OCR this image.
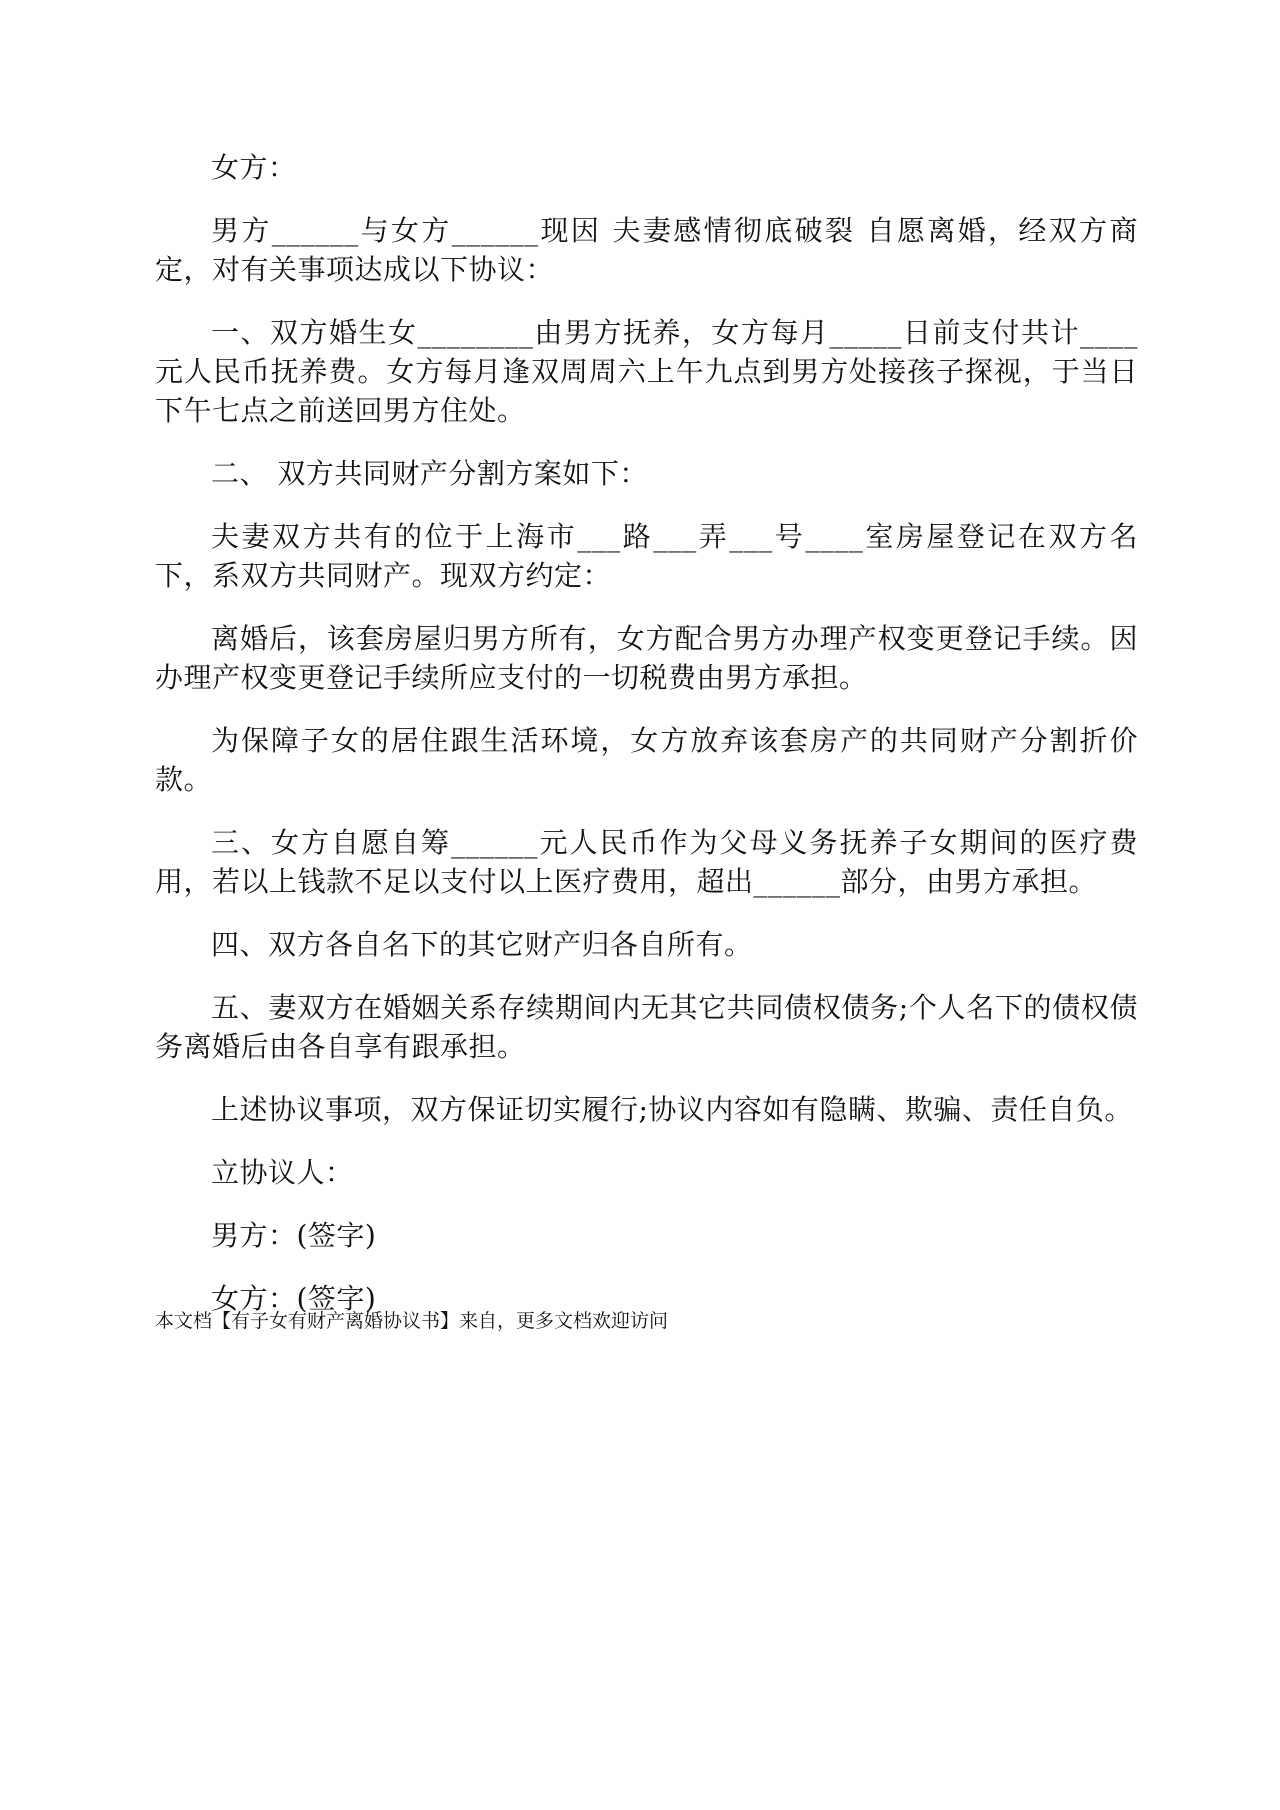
女方：

男方______与女方______现因 夫妻感情彻底破裂 自愿离婚，经双方商定，对有关事项达成以下协议：

一、双方婚生女________由男方抚养，女方每月_____日前支付共计____元人民币抚养费。女方每月逢双周周六上午九点到男方处接孩子探视，于当日下午七点之前送回男方住处。

二、 双方共同财产分割方案如下：

夫妻双方共有的位于上海市___路___弄___号____室房屋登记在双方名下，系双方共同财产。现双方约定：

离婚后，该套房屋归男方所有，女方配合男方办理产权变更登记手续。因办理产权变更登记手续所应支付的一切税费由男方承担。

为保障子女的居住跟生活环境，女方放弃该套房产的共同财产分割折价款。

三、女方自愿自筹______元人民币作为父母义务抚养子女期间的医疗费用，若以上钱款不足以支付以上医疗费用，超出______部分，由男方承担。

四、双方各自名下的其它财产归各自所有。

五、妻双方在婚姻关系存续期间内无其它共同债权债务;个人名下的债权债务离婚后由各自享有跟承担。

上述协议事项，双方保证切实履行;协议内容如有隐瞒、欺骗、责任自负。

立协议人：

男方：(签字)

女方：(签字)

本文档【有子女有财产离婚协议书】来自，更多文档欢迎访问
